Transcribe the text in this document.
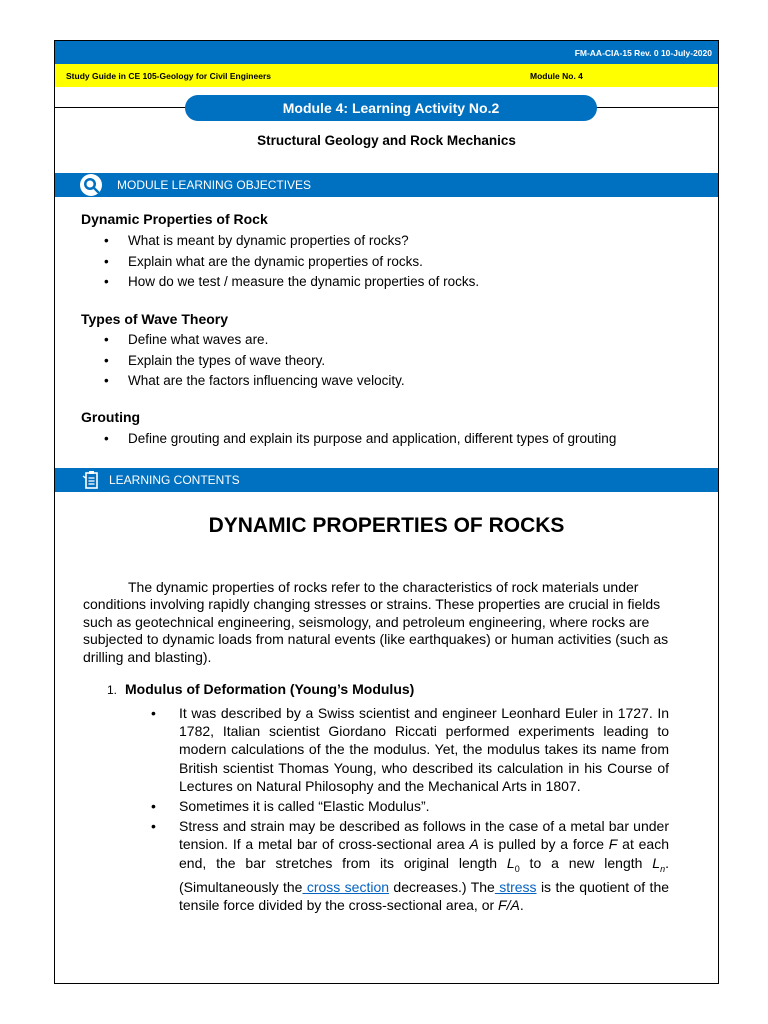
FM-AA-CIA-15 Rev. 0 10-July-2020
Study Guide in CE 105-Geology for Civil Engineers	Module No. 4
Module 4: Learning Activity No.2
Structural Geology and Rock Mechanics
MODULE LEARNING OBJECTIVES
Dynamic Properties of Rock
• What is meant by dynamic properties of rocks?
• Explain what are the dynamic properties of rocks.
• How do we test / measure the dynamic properties of rocks.
Types of Wave Theory
• Define what waves are.
• Explain the types of wave theory.
• What are the factors influencing wave velocity.
Grouting
• Define grouting and explain its purpose and application, different types of grouting
LEARNING CONTENTS
DYNAMIC PROPERTIES OF ROCKS

The dynamic properties of rocks refer to the characteristics of rock materials under conditions involving rapidly changing stresses or strains. These properties are crucial in fields such as geotechnical engineering, seismology, and petroleum engineering, where rocks are subjected to dynamic loads from natural events (like earthquakes) or human activities (such as drilling and blasting).

1. Modulus of Deformation (Young’s Modulus)
• It was described by a Swiss scientist and engineer Leonhard Euler in 1727. In 1782, Italian scientist Giordano Riccati performed experiments leading to modern calculations of the the modulus. Yet, the modulus takes its name from British scientist Thomas Young, who described its calculation in his Course of Lectures on Natural Philosophy and the Mechanical Arts in 1807.
• Sometimes it is called “Elastic Modulus”.
• Stress and strain may be described as follows in the case of a metal bar under tension. If a metal bar of cross-sectional area A is pulled by a force F at each end, the bar stretches from its original length $L_0$ to a new length $L_n$. (Simultaneously the cross section decreases.) The stress is the quotient of the tensile force divided by the cross-sectional area, or F/A.
